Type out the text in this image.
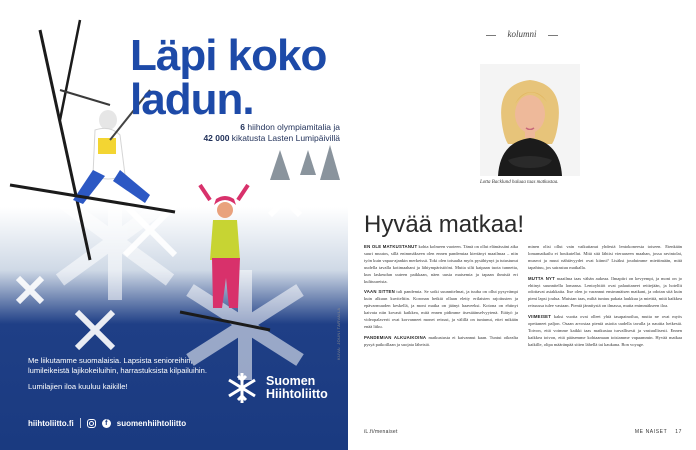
Läpi koko
ladun.
6 hiihdon olympiamitalia ja
42 000 kikatusta Lasten Lumipäivillä

Me liikutamme suomalaisia. Lapsista senioreihin, lumileikeistä lajikokeiluihin, harrastuksista kilpailuihin.

Lumilajien iloa kuuluu kaikille!

hiihtoliitto.fi	f	suomenhiihtoliitto
Suomen
Hiihtoliitto
KUVA: JOUNI TARVAILA
kolumni
Lotta Backlund haluaa taas matkustaa.
Hyvää matkaa!

EN OLE MATKUSTANUT kohta kolmeen vuoteen. Tämä on ollut elämässäni aika suuri muutos, sillä enimmäkseen olen ennen pandemiaa kiertänyt maailmaa – niin työn kuin vapaa-ajankin merkeissä. Toki olen toisaalta myös pysähtynyt ja tutustunut uudella tavalla kotimaahani ja lähiympäristööni. Mutta silti kaipaan tuota tunnetta, kun laskeudun uuteen paikkaan, näen uusia maisemia ja tapaan ihmisiä eri kulttuureista.

VAAN SITTEN tuli pandemia. Se sotki suunnitelmat, ja tuuba on ollut pysyvämpi kuin alkuun kuviteltiin. Koronan hetkiä ollaan eletty erilaisten rajoitusten ja epävarmuuden keskellä, ja moni matka on jäänyt haaveeksi. Kotona on ehtinyt kaivata niin kovasti kaikkea, mitä ennen pidimme itsestäänselvyytenä. Etätyö ja videopalaverit ovat korvanneet monet reissut, ja välillä on tuntunut, ettei mikään enää liiku.

PANDEMIAN ALKUAIKOINA matkustusta ei kaivannut kaan. Tuntui oikealta pysyä paikoillaan ja suojata läheisiä.

minen olisi ollut vain vaikuttanut yhdestä lentokoneesta toiseen. Etenkään lomamatkailu ei houkutellut. Mitä sitä lähtisi vieraaseen maahan, jossa ravintolat, museot ja muut nähtävyydet ovat kiinni? Lisäksi jouduimme miettimään, mitä tapahtuu, jos sairastuu matkalla.

MUTTA NYT maailma taas vähän aukeaa. Ilmapiiri on kevyempi, ja moni on jo ehtinyt suunnitella lomansa. Lentoyhtiöt ovat palauttaneet reittejään, ja hotellit odottavat asiakkaita. Itse olen jo varannut ensimmäisen matkani, ja odotan sitä kuin pieni lapsi joulua. Muistan taas, miltä tuntuu pakata laukkua ja miettiä, mitä kaikkea reissussa tulee vastaan. Pientä jännitystä on ilmassa, mutta enimmäkseen iloa.

VIIMEISET kaksi vuotta ovat olleet yhtä tasapainoilua, mutta ne ovat myös opettaneet paljon. Osaan arvostaa pieniä asioita uudella tavalla ja nauttia hetkestä. Toivon, että voimme kaikki taas matkustaa turvallisesti ja vastuullisesti. Ennen kaikkea toivon, että pääsemme kohtaamaan toisiamme vapaammin. Hyvää matkaa kaikille, olipa määränpää sitten lähellä tai kaukana. Bon voyage.

iL.fi/menaiset	ME NAISET 17
